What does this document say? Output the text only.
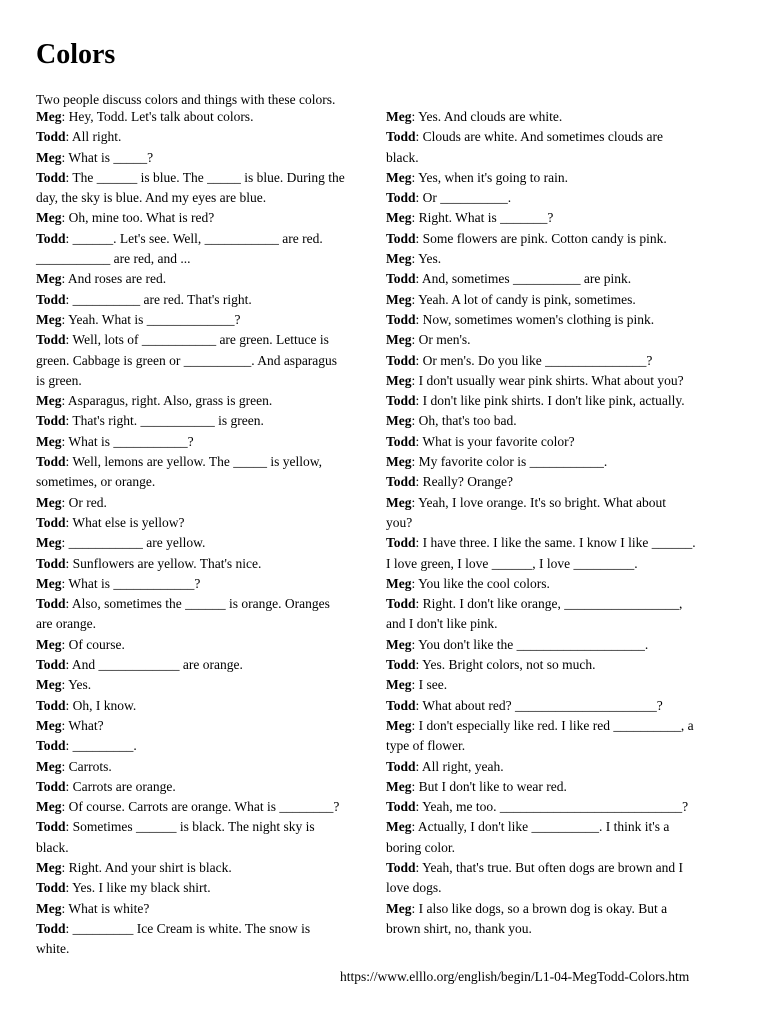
Colors
Two people discuss colors and things with these colors.
Meg: Hey, Todd. Let's talk about colors.
Todd: All right.
Meg: What is _____?
Todd: The ______ is blue. The _____ is blue. During the
day, the sky is blue. And my eyes are blue.
Meg: Oh, mine too. What is red?
Todd: ______. Let's see. Well, ___________ are red.
___________ are red, and ...
Meg: And roses are red.
Todd: __________ are red. That's right.
Meg: Yeah. What is _____________?
Todd: Well, lots of ___________ are green. Lettuce is
green. Cabbage is green or __________. And asparagus
is green.
Meg: Asparagus, right. Also, grass is green.
Todd: That's right. ___________ is green.
Meg: What is ___________?
Todd: Well, lemons are yellow. The _____ is yellow,
sometimes, or orange.
Meg: Or red.
Todd: What else is yellow?
Meg: ___________ are yellow.
Todd: Sunflowers are yellow. That's nice.
Meg: What is ____________?
Todd: Also, sometimes the ______ is orange. Oranges
are orange.
Meg: Of course.
Todd: And ____________ are orange.
Meg: Yes.
Todd: Oh, I know.
Meg: What?
Todd: _________.
Meg: Carrots.
Todd: Carrots are orange.
Meg: Of course. Carrots are orange. What is ________?
Todd: Sometimes ______ is black. The night sky is
black.
Meg: Right. And your shirt is black.
Todd: Yes. I like my black shirt.
Meg: What is white?
Todd: _________ Ice Cream is white. The snow is
white.
Meg: Yes. And clouds are white.
Todd: Clouds are white. And sometimes clouds are
black.
Meg: Yes, when it's going to rain.
Todd: Or __________.
Meg: Right. What is _______?
Todd: Some flowers are pink. Cotton candy is pink.
Meg: Yes.
Todd: And, sometimes __________ are pink.
Meg: Yeah. A lot of candy is pink, sometimes.
Todd: Now, sometimes women's clothing is pink.
Meg: Or men's.
Todd: Or men's. Do you like _______________?
Meg: I don't usually wear pink shirts. What about you?
Todd: I don't like pink shirts. I don't like pink, actually.
Meg: Oh, that's too bad.
Todd: What is your favorite color?
Meg: My favorite color is ___________.
Todd: Really? Orange?
Meg: Yeah, I love orange. It's so bright. What about
you?
Todd: I have three. I like the same. I know I like ______.
I love green, I love ______, I love _________.
Meg: You like the cool colors.
Todd: Right. I don't like orange, _________________,
and I don't like pink.
Meg: You don't like the ___________________.
Todd: Yes. Bright colors, not so much.
Meg: I see.
Todd: What about red? _____________________?
Meg: I don't especially like red. I like red __________, a
type of flower.
Todd: All right, yeah.
Meg: But I don't like to wear red.
Todd: Yeah, me too. ___________________________?
Meg: Actually, I don't like __________. I think it's a
boring color.
Todd: Yeah, that's true. But often dogs are brown and I
love dogs.
Meg: I also like dogs, so a brown dog is okay. But a
brown shirt, no, thank you.
https://www.elllo.org/english/begin/L1-04-MegTodd-Colors.htm
